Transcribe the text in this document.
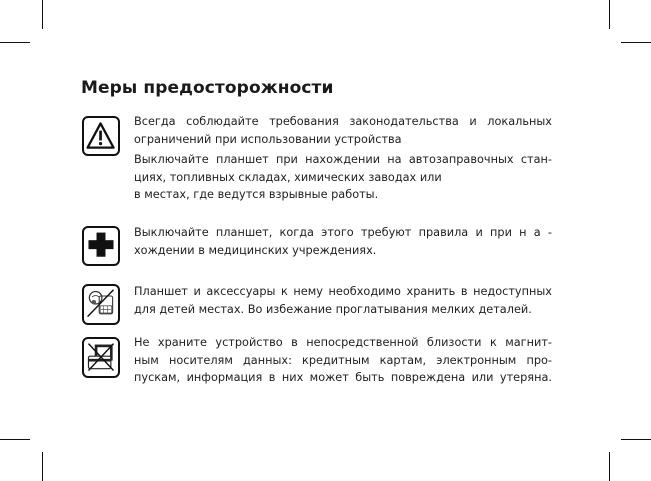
Меры предосторожности
Всегда соблюдайте требования законодательства и локальных
ограничений при использовании устройства
Выключайте планшет при нахождении на автозаправочных стан-
циях, топливных складах, химических заводах или
в местах, где ведутся взрывные работы.
Выключайте планшет, когда этого требуют правила и при н а -
хождении в медицинских учреждениях.
Планшет и аксессуары к нему необходимо хранить в недоступных
для детей местах. Во избежание проглатывания мелких деталей.
Не храните устройство в непосредственной близости к магнит-
ным носителям данных: кредитным картам, электронным про-
пускам, информация в них может быть повреждена или утеряна.
